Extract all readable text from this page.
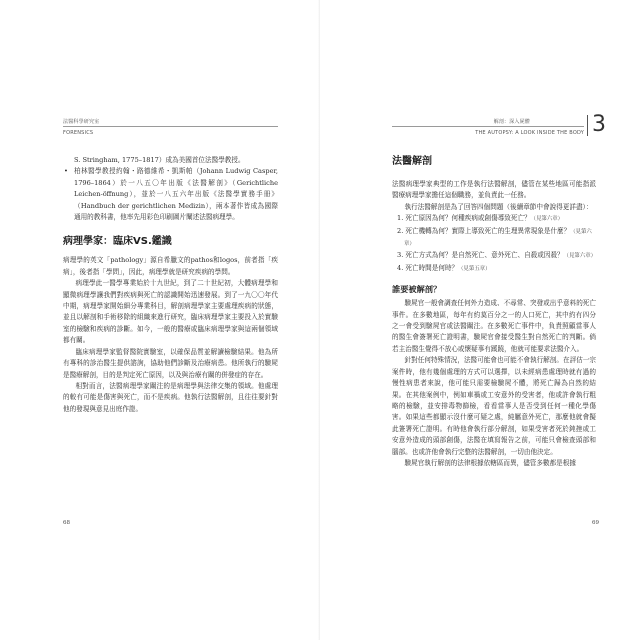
法醫科學研究室
FORENSICS

S. Stringham, 1775–1817）成為美國首位法醫學教授。

• 柏林醫學教授約翰・路德維希・凱斯帕（Johann Ludwig Casper, 1796–1864）於一八五〇年出版《法醫解剖》（Gerichtliche Leichen-öffnung），並於一八五六年出版《法醫學實務手冊》（Handbuch der gerichtlichen Medizin），兩本著作皆成為國際通用的教科書，他率先用彩色印刷圖片闡述法醫病理學。

病理學家：臨床VS.鑑識

病理學的英文「pathology」源自希臘文的pathos和logos，前者指「疾病」，後者指「學問」，因此，病理學就是研究疾病的學問。

病理學此一醫學專業始於十九世紀，到了二十世紀初，大體病理學和顯微病理學讓我們對疾病與死亡的認識開始迅速發展。到了一九〇〇年代中期，病理學家開始細分專業科目，解剖病理學家主要處理疾病的狀態，並且以解剖和手術移除的組織來進行研究，臨床病理學家主要投入於實驗室的檢驗和疾病的診斷。如今，一般的醫療或臨床病理學家與這兩個領域都有關。

臨床病理學家監督醫院實驗室，以確保品質並解讀檢驗結果。他為所有專科的診治醫生提供諮詢，協助他們診斷及治療病患。他所執行的驗屍是醫療解剖，目的是判定死亡原因，以及與治療有關的併發症的存在。

相對而言，法醫病理學家關注的是病理學與法律交集的領域。他處理的較有可能是傷害與死亡，而不是疾病。他執行法醫解剖，且往往要針對他的發現與意見出庭作證。

68
解剖：深入屍體
THE AUTOPSY: A LOOK INSIDE THE BODY

法醫解剖

法醫病理學家典型的工作是執行法醫解剖，儘管在某些地區可能指派醫療病理學家擔任這個職務，並負責此一任務。

執行法醫解剖是為了回答四個問題（後續章節中會說得更詳盡）：

1. 死亡原因為何？何種疾病或創傷導致死亡？（見第六章）
2. 死亡機轉為何？實際上導致死亡的生理異常現象是什麼？（見第六章）
3. 死亡方式為何？是自然死亡、意外死亡、自殺或因殺？（見第六章）
4. 死亡時間是何時？（見第五章）

誰要被解剖？

驗屍官一般會調查任何外力造成、不尋常、突發或出乎意料的死亡事件。在多數地區，每年有約莫百分之一的人口死亡，其中約有四分之一會受到驗屍官或法醫關注。在多數死亡事件中，負責照顧當事人的醫生會簽署死亡證明書，驗屍官會接受醫生對自然死亡的判斷。倘若主治醫生覺得不放心或懷疑事有蹊蹺，他就可能要求法醫介入。

針對任何特殊情況，法醫可能會也可能不會執行解剖。在評估一宗案件時，他有幾個處理的方式可以選擇，以未經病患處理時就有過的慢性病患者來說，他可能只需要檢驗屍不體，將死亡歸為自然的結果。在其他案例中，例如車禍或工安意外的受害者，他或許會執行粗略的檢驗，並安排毒物篩檢，看看當事人是否受到任何一種化學傷害。如果這些都顯示沒什麼可疑之處，純屬意外死亡，那麼他就會擬此簽署死亡證明。有時他會執行部分解剖，如果受害者死於鈍挫或工安意外造成的頭部創傷，法醫在填寫報告之前，可能只會檢查頭部和腦部。也或許他會執行完整的法醫解剖，一切由他決定。

驗屍官執行解剖的法律根據依轄區而異，儘管多數都是根據

69
3
